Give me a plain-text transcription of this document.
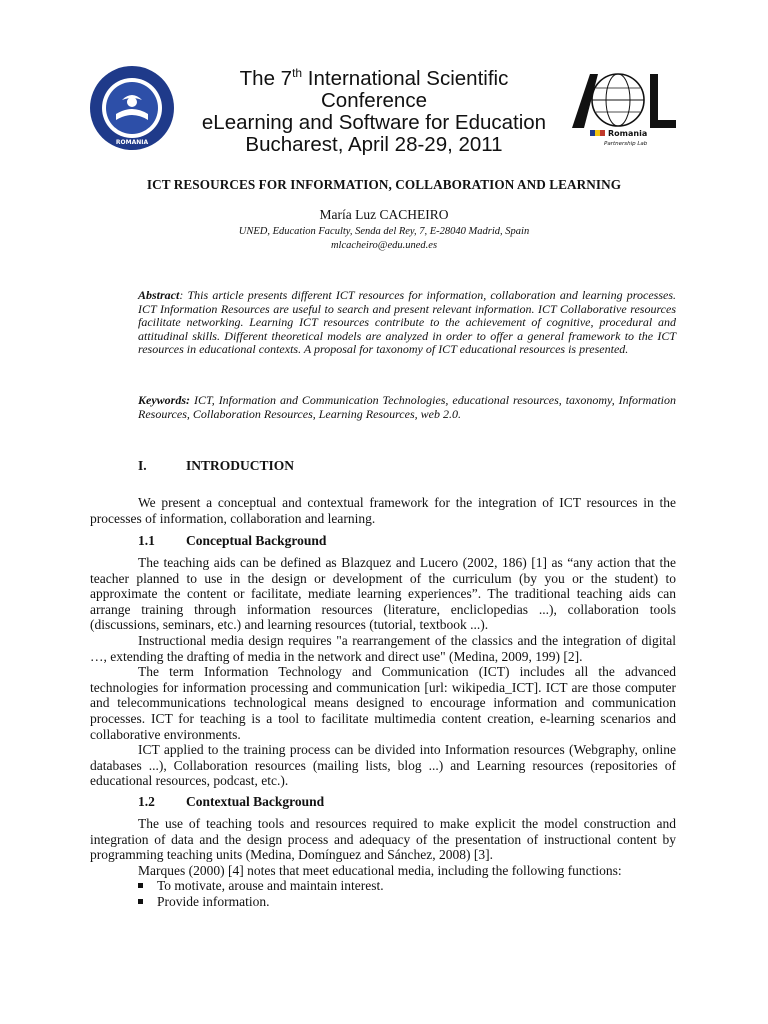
ROMANIA
The 7th International Scientific Conference
eLearning and Software for Education
Bucharest, April 28-29, 2011	Romania
Partnership Lab
ICT RESOURCES FOR INFORMATION, COLLABORATION AND LEARNING
María Luz CACHEIRO
UNED, Education Faculty, Senda del Rey, 7, E-28040 Madrid, Spain
mlcacheiro@edu.uned.es
Abstract: This article presents different ICT resources for information, collaboration and learning processes. ICT Information Resources are useful to search and present relevant information. ICT Collaborative resources facilitate networking. Learning ICT resources contribute to the achievement of cognitive, procedural and attitudinal skills. Different theoretical models are analyzed in order to offer a general framework to the ICT resources in educational contexts. A proposal for taxonomy of ICT educational resources is presented.
Keywords: ICT, Information and Communication Technologies, educational resources, taxonomy, Information Resources, Collaboration Resources, Learning Resources, web 2.0.
I.	INTRODUCTION

We present a conceptual and contextual framework for the integration of ICT resources in the processes of information, collaboration and learning.

1.1 Conceptual Background

The teaching aids can be defined as Blazquez and Lucero (2002, 186) [1] as “any action that the teacher planned to use in the design or development of the curriculum (by you or the student) to approximate the content or facilitate, mediate learning experiences”. The traditional teaching aids can arrange training through information resources (literature, encliclopedias ...), collaboration tools (discussions, seminars, etc.) and learning resources (tutorial, textbook ...).

Instructional media design requires "a rearrangement of the classics and the integration of digital …, extending the drafting of media in the network and direct use" (Medina, 2009, 199) [2].

The term Information Technology and Communication (ICT) includes all the advanced technologies for information processing and communication [url: wikipedia_ICT]. ICT are those computer and telecommunications technological means designed to encourage information and communication processes. ICT for teaching is a tool to facilitate multimedia content creation, e-learning scenarios and collaborative environments.

ICT applied to the training process can be divided into Information resources (Webgraphy, online databases ...), Collaboration resources (mailing lists, blog ...) and Learning resources (repositories of educational resources, podcast, etc.).

1.2 Contextual Background

The use of teaching tools and resources required to make explicit the model construction and integration of data and the design process and adequacy of the presentation of instructional content by programming teaching units (Medina, Domínguez and Sánchez, 2008) [3].

Marques (2000) [4] notes that meet educational media, including the following functions:

To motivate, arouse and maintain interest.
Provide information.
